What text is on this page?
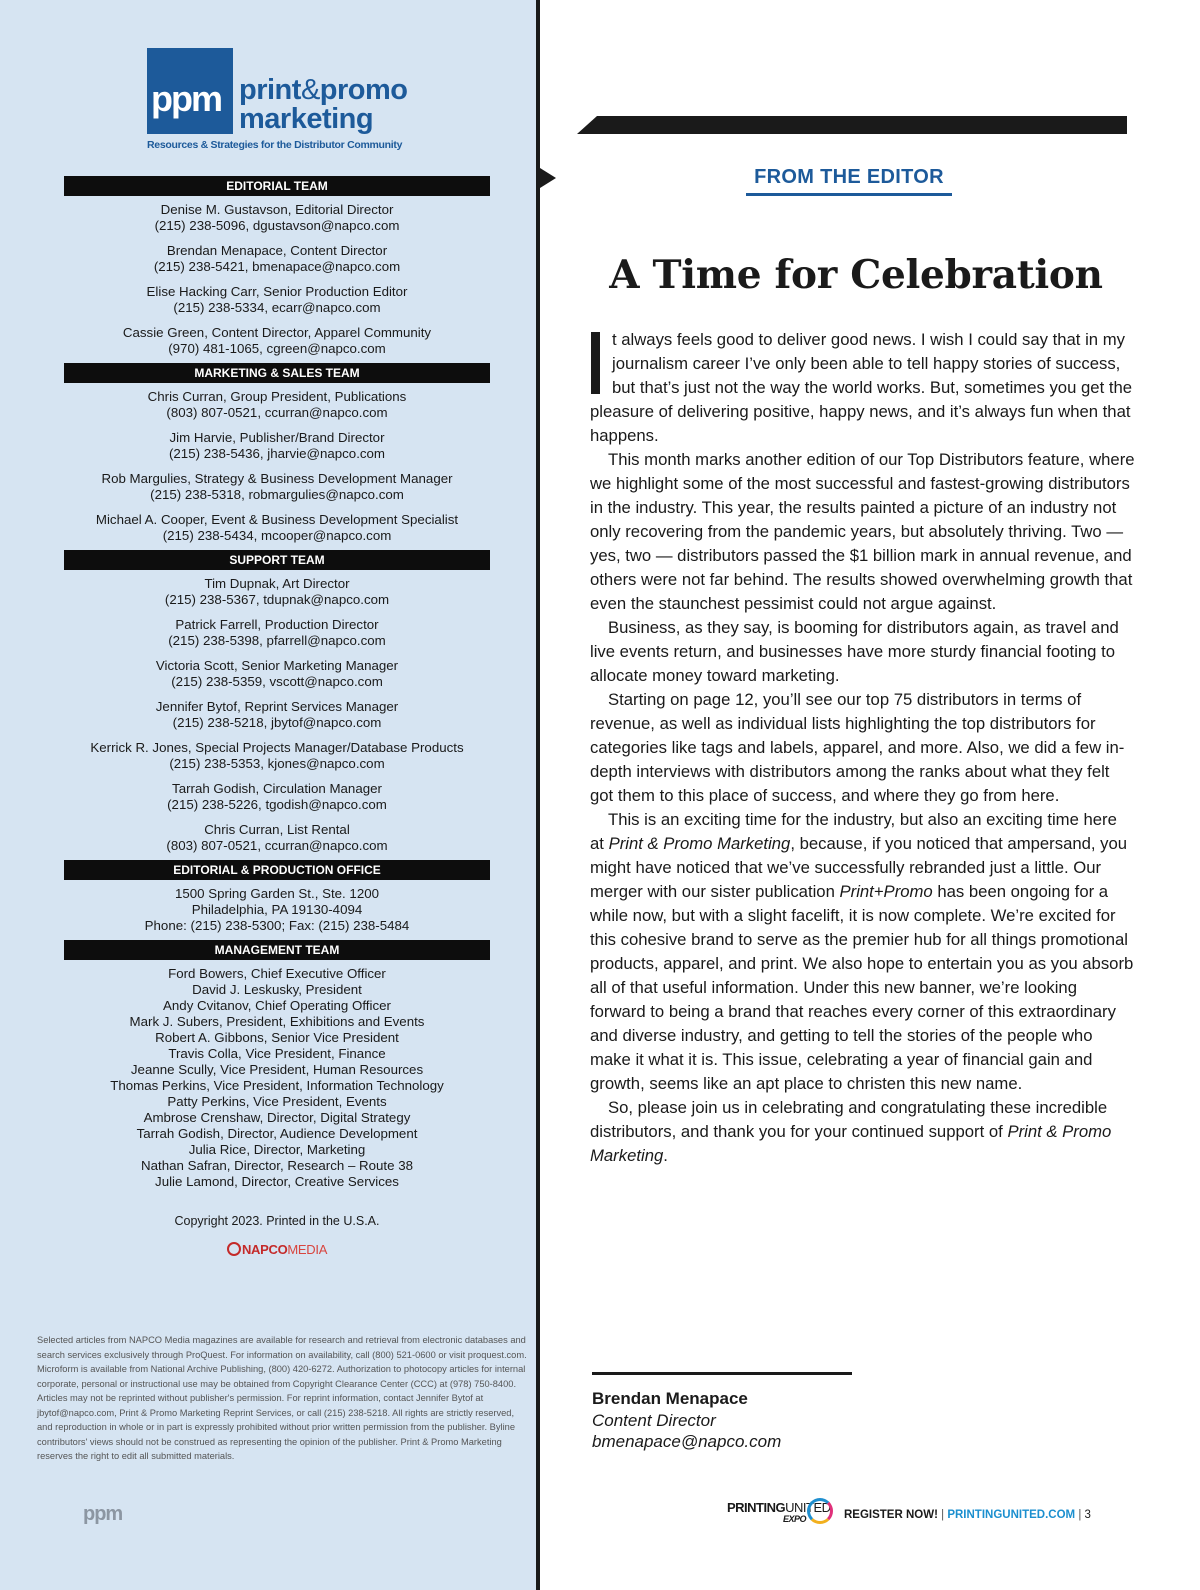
ppm print&promo
marketing
Resources & Strategies for the Distributor Community
EDITORIAL TEAM
Denise M. Gustavson, Editorial Director
(215) 238-5096, dgustavson@napco.com
Brendan Menapace, Content Director
(215) 238-5421, bmenapace@napco.com
Elise Hacking Carr, Senior Production Editor
(215) 238-5334, ecarr@napco.com
Cassie Green, Content Director, Apparel Community
(970) 481-1065, cgreen@napco.com
MARKETING & SALES TEAM
Chris Curran, Group President, Publications
(803) 807-0521, ccurran@napco.com
Jim Harvie, Publisher/Brand Director
(215) 238-5436, jharvie@napco.com
Rob Margulies, Strategy & Business Development Manager
(215) 238-5318, robmargulies@napco.com
Michael A. Cooper, Event & Business Development Specialist
(215) 238-5434, mcooper@napco.com
SUPPORT TEAM
Tim Dupnak, Art Director
(215) 238-5367, tdupnak@napco.com
Patrick Farrell, Production Director
(215) 238-5398, pfarrell@napco.com
Victoria Scott, Senior Marketing Manager
(215) 238-5359, vscott@napco.com
Jennifer Bytof, Reprint Services Manager
(215) 238-5218, jbytof@napco.com
Kerrick R. Jones, Special Projects Manager/Database Products
(215) 238-5353, kjones@napco.com
Tarrah Godish, Circulation Manager
(215) 238-5226, tgodish@napco.com
Chris Curran, List Rental
(803) 807-0521, ccurran@napco.com
EDITORIAL & PRODUCTION OFFICE
1500 Spring Garden St., Ste. 1200
Philadelphia, PA 19130-4094
Phone: (215) 238-5300; Fax: (215) 238-5484
MANAGEMENT TEAM
Ford Bowers, Chief Executive Officer
David J. Leskusky, President
Andy Cvitanov, Chief Operating Officer
Mark J. Subers, President, Exhibitions and Events
Robert A. Gibbons, Senior Vice President
Travis Colla, Vice President, Finance
Jeanne Scully, Vice President, Human Resources
Thomas Perkins, Vice President, Information Technology
Patty Perkins, Vice President, Events
Ambrose Crenshaw, Director, Digital Strategy
Tarrah Godish, Director, Audience Development
Julia Rice, Director, Marketing
Nathan Safran, Director, Research – Route 38
Julie Lamond, Director, Creative Services
Copyright 2023. Printed in the U.S.A.
NAPCOMEDIA
Selected articles from NAPCO Media magazines are available for research and retrieval from electronic databases and search services exclusively through ProQuest. For information on availability, call (800) 521-0600 or visit proquest.com. Microform is available from National Archive Publishing, (800) 420-6272. Authorization to photocopy articles for internal corporate, personal or instructional use may be obtained from Copyright Clearance Center (CCC) at (978) 750-8400. Articles may not be reprinted without publisher's permission. For reprint information, contact Jennifer Bytof at jbytof@napco.com, Print & Promo Marketing Reprint Services, or call (215) 238-5218. All rights are strictly reserved, and reproduction in whole or in part is expressly prohibited without prior written permission from the publisher. Byline contributors' views should not be construed as representing the opinion of the publisher. Print & Promo Marketing reserves the right to edit all submitted materials.
ppm
FROM THE EDITOR
A Time for Celebration

t always feels good to deliver good news. I wish I could say that in my journalism career I’ve only been able to tell happy stories of success, but that’s just not the way the world works. But, sometimes you get the pleasure of delivering positive, happy news, and it’s always fun when that happens.

This month marks another edition of our Top Distributors feature, where we highlight some of the most successful and fastest-growing distributors in the industry. This year, the results painted a picture of an industry not only recovering from the pandemic years, but absolutely thriving. Two — yes, two — distributors passed the $1 billion mark in annual revenue, and others were not far behind. The results showed overwhelming growth that even the staunchest pessimist could not argue against.

Business, as they say, is booming for distributors again, as travel and live events return, and businesses have more sturdy financial footing to allocate money toward marketing.

Starting on page 12, you’ll see our top 75 distributors in terms of revenue, as well as individual lists highlighting the top distributors for categories like tags and labels, apparel, and more. Also, we did a few in-depth interviews with distributors among the ranks about what they felt got them to this place of success, and where they go from here.

This is an exciting time for the industry, but also an exciting time here at Print & Promo Marketing, because, if you noticed that ampersand, you might have noticed that we’ve successfully rebranded just a little. Our merger with our sister publication Print+Promo has been ongoing for a while now, but with a slight facelift, it is now complete. We’re excited for this cohesive brand to serve as the premier hub for all things promotional products, apparel, and print. We also hope to entertain you as you absorb all of that useful information. Under this new banner, we’re looking forward to being a brand that reaches every corner of this extraordinary and diverse industry, and getting to tell the stories of the people who make it what it is. This issue, celebrating a year of financial gain and growth, seems like an apt place to christen this new name.

So, please join us in celebrating and congratulating these incredible distributors, and thank you for your continued support of Print & Promo Marketing.

Brendan Menapace
Content Director
bmenapace@napco.com
PRINTINGUNITED
EXPO	REGISTER NOW! | PRINTINGUNITED.COM | 3
